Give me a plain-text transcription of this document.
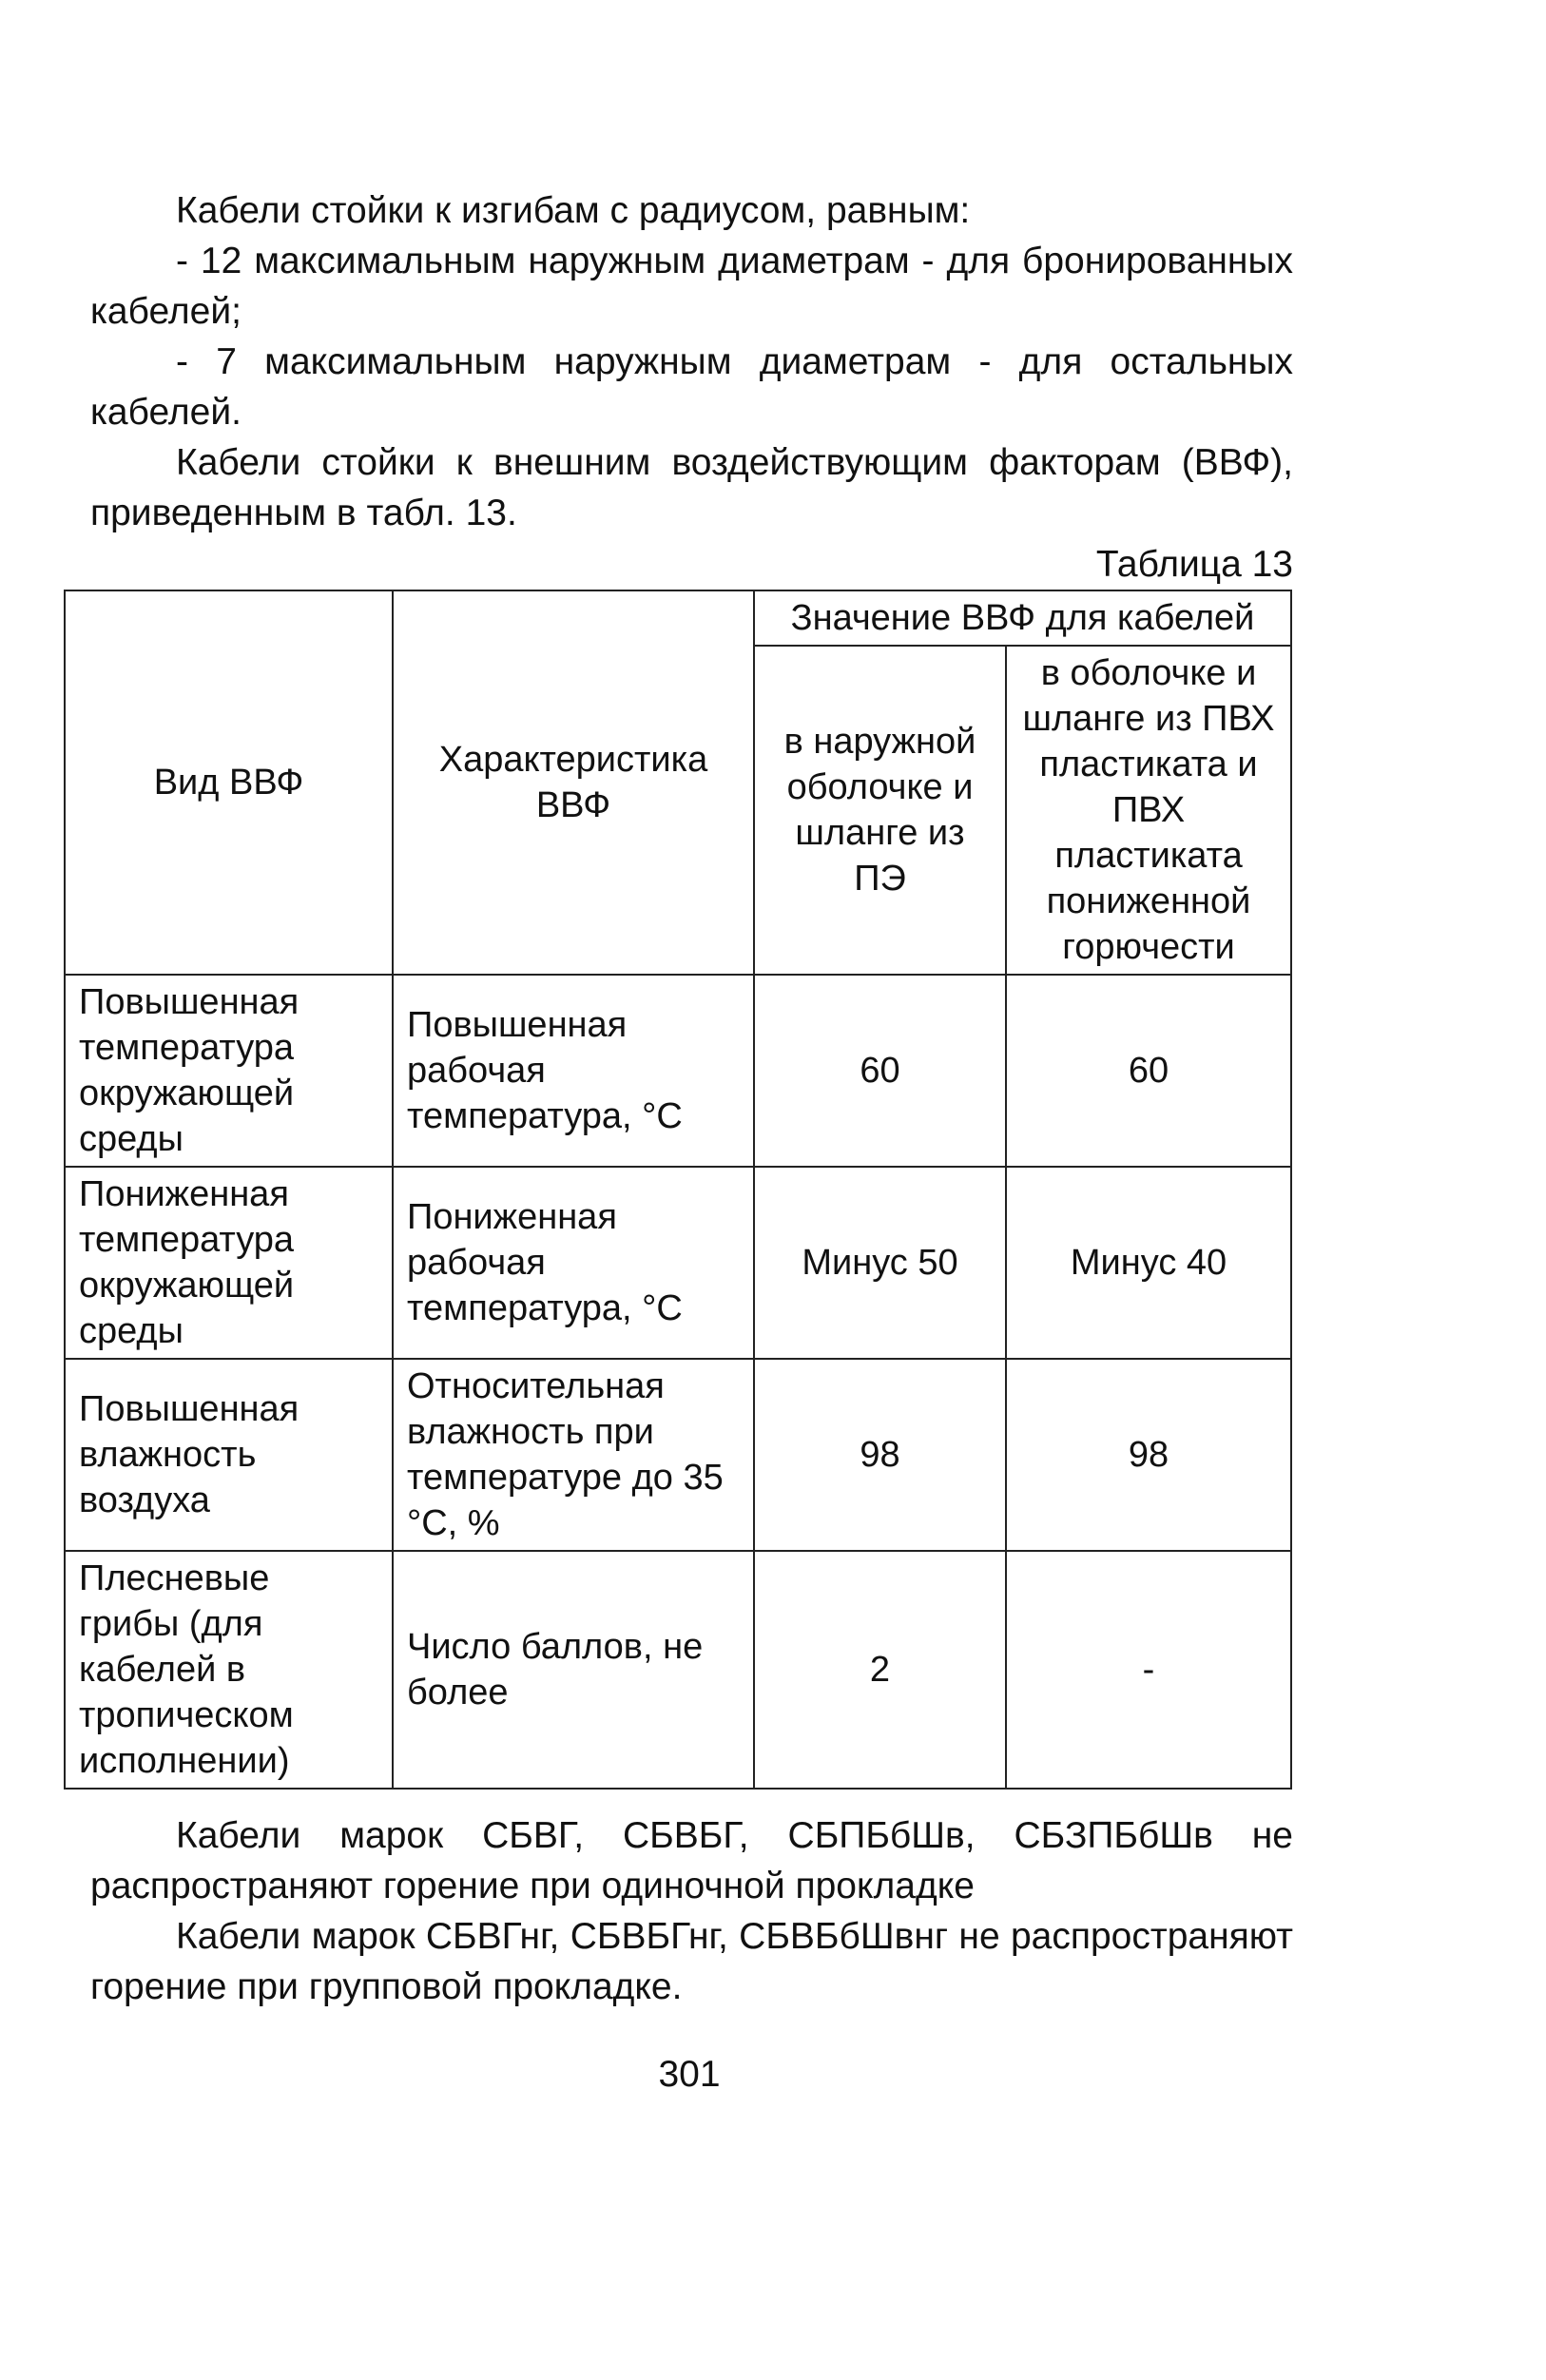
Кабели стойки к изгибам с радиусом, равным:

- 12 максимальным наружным диаметрам - для бронированных кабелей;

- 7 максимальным наружным диаметрам - для остальных кабелей.

Кабели стойки к внешним воздействующим факторам (ВВФ), приведенным в табл. 13.

Таблица 13
Вид ВВФ	Характеристика ВВФ	Значение ВВФ для кабелей	
		в наружной оболочке и шланге из ПЭ	в оболочке и шланге из ПВХ пластиката и ПВХ пластиката пониженной горючести
Повышенная температура окружающей среды	Повышенная рабочая температура, °С	60	60
Пониженная температура окружающей среды	Пониженная рабочая температура, °С	Минус 50	Минус 40
Повышенная влажность воздуха	Относительная влажность при температуре до 35 °С, %	98	98
Плесневые грибы (для кабелей в тропическом исполнении)	Число баллов, не более	2	-

Кабели марок СБВГ, СБВБГ, СБПБбШв, СБЗПБбШв не распространяют горение при одиночной прокладке

Кабели марок СБВГнг, СБВБГнг, СБВБбШвнг не распространяют горение при групповой прокладке.

301
